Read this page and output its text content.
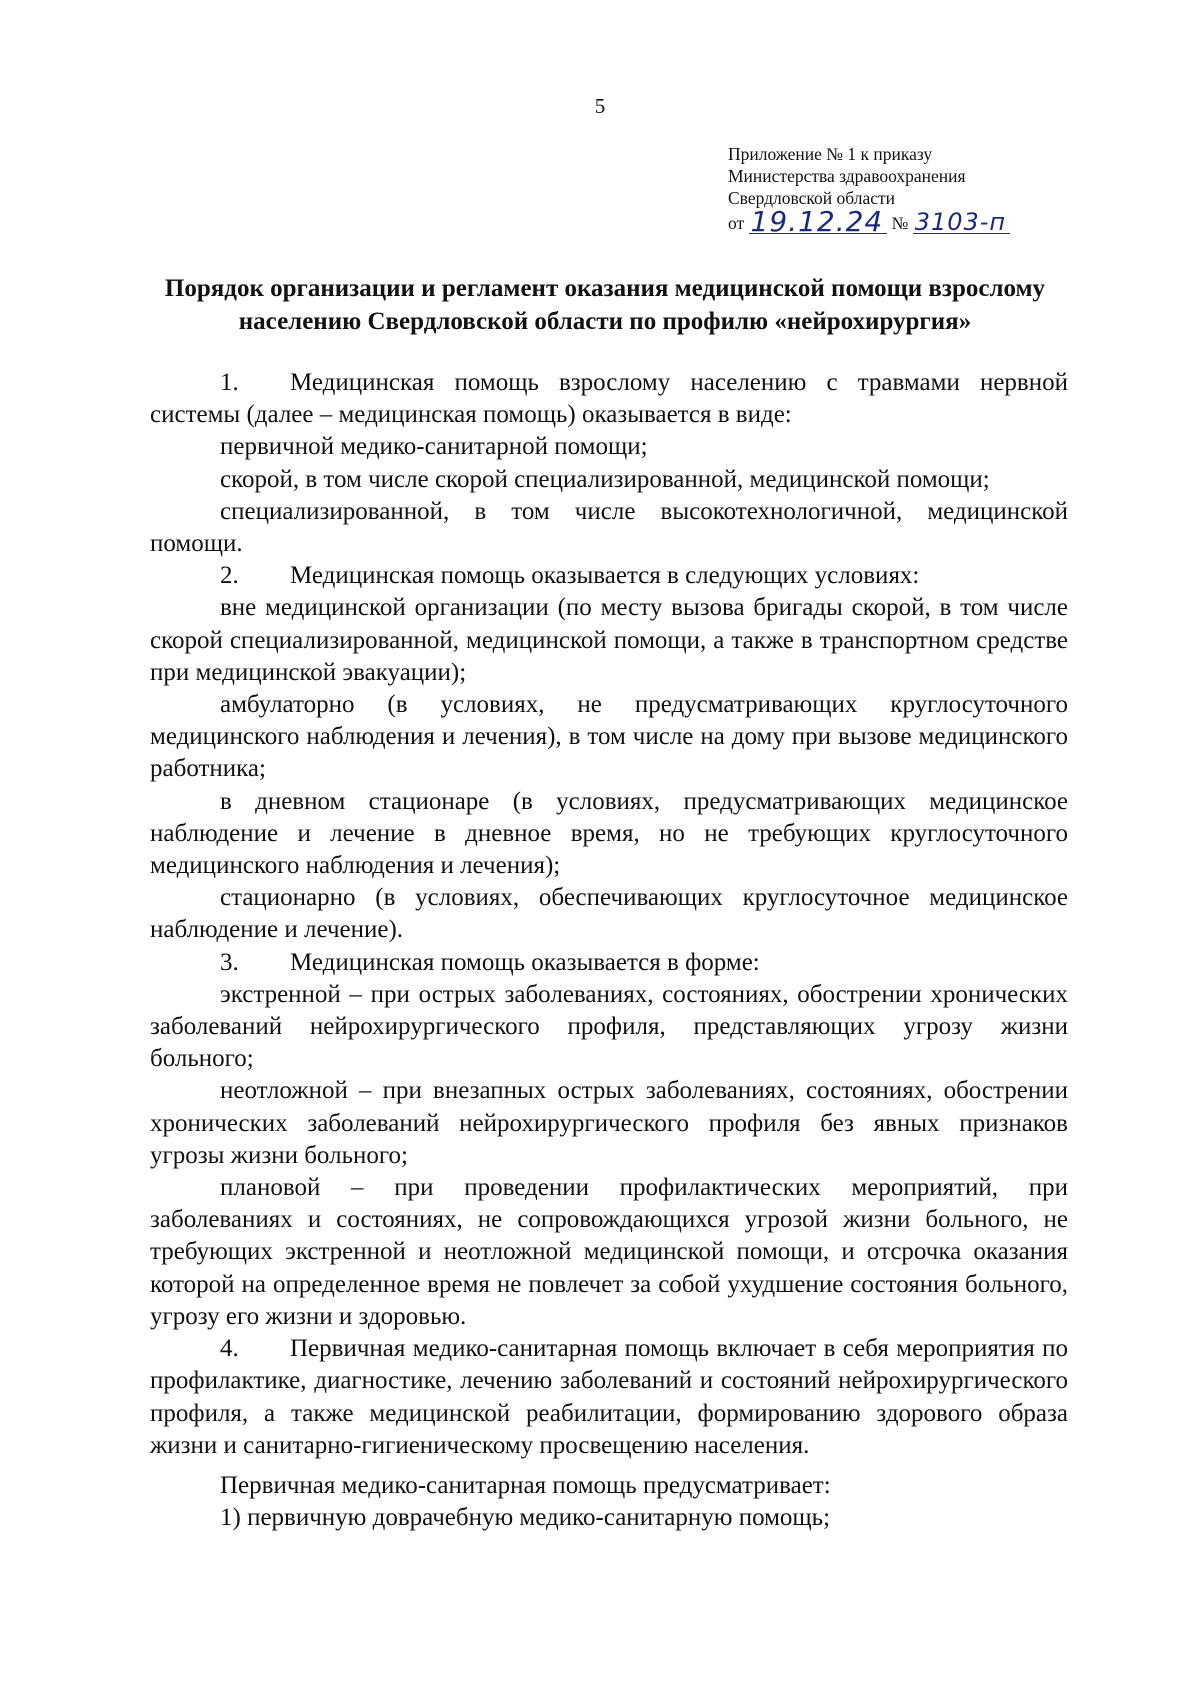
5
Приложение № 1 к приказу
Министерства здравоохранения
Свердловской области
от 19.12.24 № 3103-п
Порядок организации и регламент оказания медицинской помощи взрослому
населению Свердловской области по профилю «нейрохирургия»

1. Медицинская помощь взрослому населению с травмами нервной системы (далее – медицинская помощь) оказывается в виде:

первичной медико-санитарной помощи;

скорой, в том числе скорой специализированной, медицинской помощи;

специализированной, в том числе высокотехнологичной, медицинской помощи.

2. Медицинская помощь оказывается в следующих условиях:

вне медицинской организации (по месту вызова бригады скорой, в том числе скорой специализированной, медицинской помощи, а также в транспортном средстве при медицинской эвакуации);

амбулаторно (в условиях, не предусматривающих круглосуточного медицинского наблюдения и лечения), в том числе на дому при вызове медицинского работника;

в дневном стационаре (в условиях, предусматривающих медицинское наблюдение и лечение в дневное время, но не требующих круглосуточного медицинского наблюдения и лечения);

стационарно (в условиях, обеспечивающих круглосуточное медицинское наблюдение и лечение).

3. Медицинская помощь оказывается в форме:

экстренной – при острых заболеваниях, состояниях, обострении хронических заболеваний нейрохирургического профиля, представляющих угрозу жизни больного;

неотложной – при внезапных острых заболеваниях, состояниях, обострении хронических заболеваний нейрохирургического профиля без явных признаков угрозы жизни больного;

плановой – при проведении профилактических мероприятий, при заболеваниях и состояниях, не сопровождающихся угрозой жизни больного, не требующих экстренной и неотложной медицинской помощи, и отсрочка оказания которой на определенное время не повлечет за собой ухудшение состояния больного, угрозу его жизни и здоровью.

4. Первичная медико-санитарная помощь включает в себя мероприятия по профилактике, диагностике, лечению заболеваний и состояний нейрохирургического профиля, а также медицинской реабилитации, формированию здорового образа жизни и санитарно-гигиеническому просвещению населения.

Первичная медико-санитарная помощь предусматривает:

1) первичную доврачебную медико-санитарную помощь;
